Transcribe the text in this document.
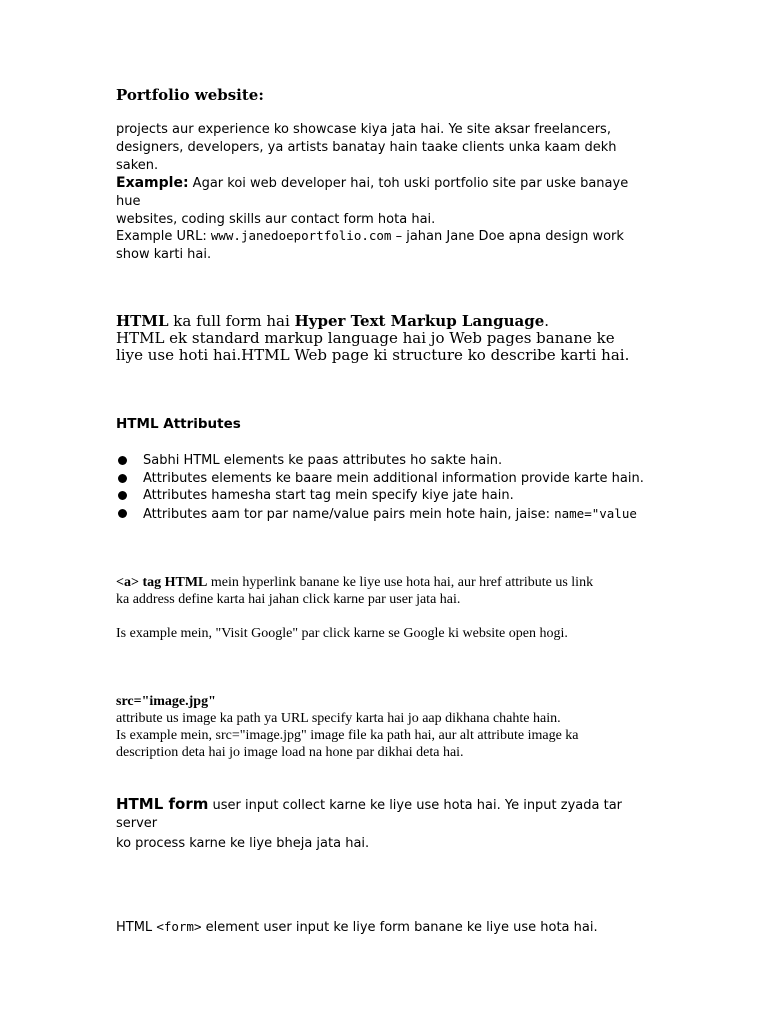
Portfolio website:
projects aur experience ko showcase kiya jata hai. Ye site aksar freelancers,
designers, developers, ya artists banatay hain taake clients unka kaam dekh saken.
Example: Agar koi web developer hai, toh uski portfolio site par uske banaye hue
websites, coding skills aur contact form hota hai.
Example URL: www.janedoeportfolio.com – jahan Jane Doe apna design work
show karti hai.
HTML ka full form hai Hyper Text Markup Language.
HTML ek standard markup language hai jo Web pages banane ke
liye use hoti hai.HTML Web page ki structure ko describe karti hai.
HTML Attributes
Sabhi HTML elements ke paas attributes ho sakte hain.
Attributes elements ke baare mein additional information provide karte hain.
Attributes hamesha start tag mein specify kiye jate hain.
Attributes aam tor par name/value pairs mein hote hain, jaise: name="value
<a> tag HTML mein hyperlink banane ke liye use hota hai, aur href attribute us link
ka address define karta hai jahan click karne par user jata hai.
Is example mein, "Visit Google" par click karne se Google ki website open hogi.
src="image.jpg"
attribute us image ka path ya URL specify karta hai jo aap dikhana chahte hain.
Is example mein, src="image.jpg" image file ka path hai, aur alt attribute image ka
description deta hai jo image load na hone par dikhai deta hai.
HTML form user input collect karne ke liye use hota hai. Ye input zyada tar server
ko process karne ke liye bheja jata hai.
HTML <form> element user input ke liye form banane ke liye use hota hai.
